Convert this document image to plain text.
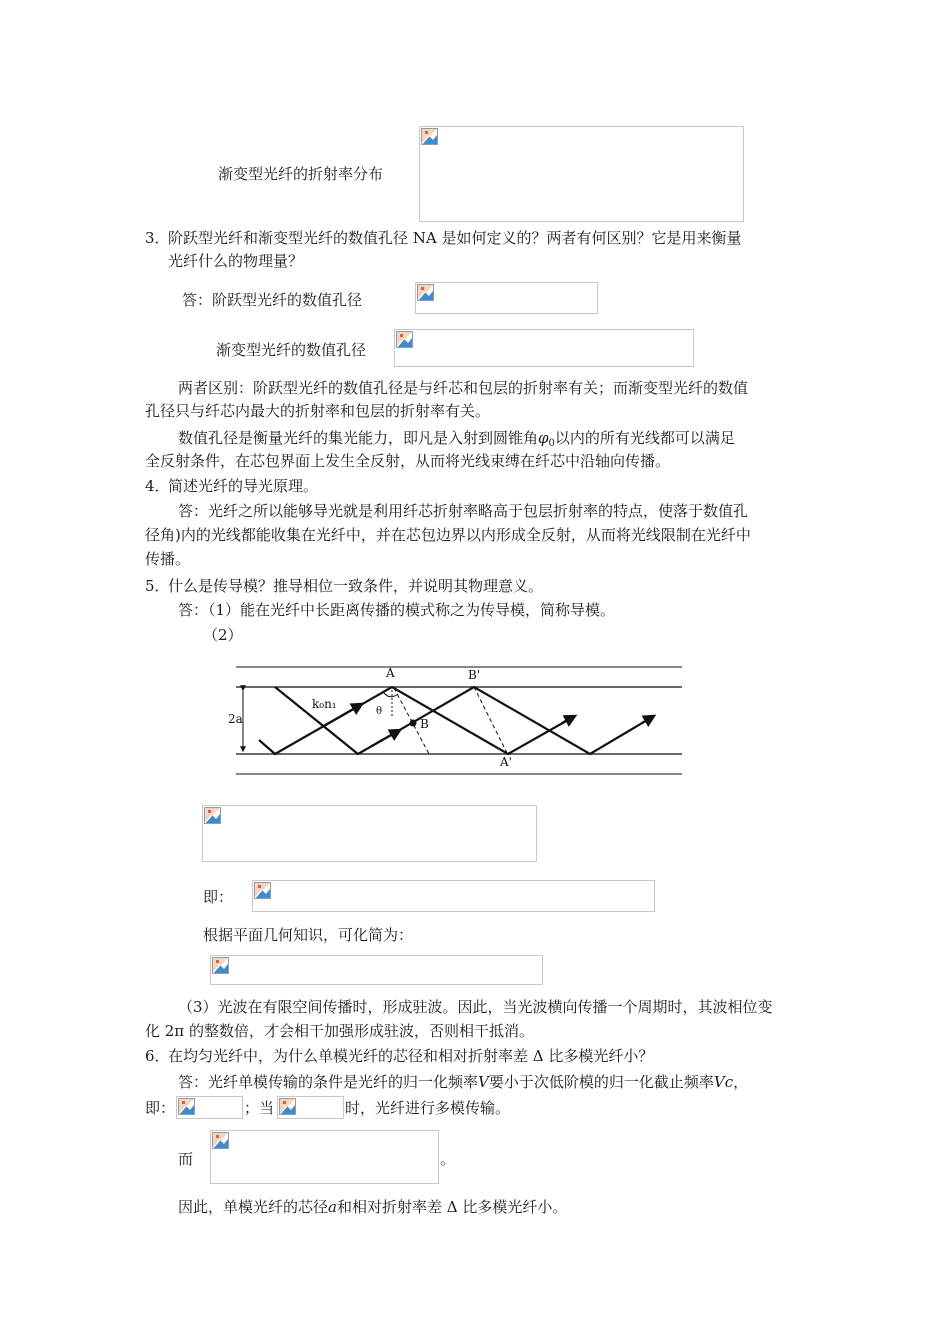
渐变型光纤的折射率分布
3．
阶跃型光纤和渐变型光纤的数值孔径 NA 是如何定义的？两者有何区别？它是用来衡量
光纤什么的物理量？
答：阶跃型光纤的数值孔径
渐变型光纤的数值孔径
两者区别：阶跃型光纤的数值孔径是与纤芯和包层的折射率有关；而渐变型光纤的数值
孔径只与纤芯内最大的折射率和包层的折射率有关。
数值孔径是衡量光纤的集光能力，即凡是入射到圆锥角$\varphi_0$以内的所有光线都可以满足
全反射条件，在芯包界面上发生全反射，从而将光线束缚在纤芯中沿轴向传播。
4．
简述光纤的导光原理。
答：光纤之所以能够导光就是利用纤芯折射率略高于包层折射率的特点，使落于数值孔
径角)内的光线都能收集在光纤中，并在芯包边界以内形成全反射，从而将光线限制在光纤中
传播。
5．
什么是传导模？推导相位一致条件，并说明其物理意义。
答：（1）能在光纤中长距离传播的模式称之为传导模，简称导模。
（2）
2a
A	B'
k₀n₁
θ
B
A'
即：
根据平面几何知识，可化简为：
（3）光波在有限空间传播时，形成驻波。因此，当光波横向传播一个周期时，其波相位变
化 2π 的整数倍，才会相干加强形成驻波，否则相干抵消。
6．
在均匀光纤中，为什么单模光纤的芯径和相对折射率差 Δ 比多模光纤小？
答：光纤单模传输的条件是光纤的归一化频率V要小于次低阶模的归一化截止频率Vc，
即：	；当	时，光纤进行多模传输。
而	。
因此，单模光纤的芯径a和相对折射率差 Δ 比多模光纤小。
